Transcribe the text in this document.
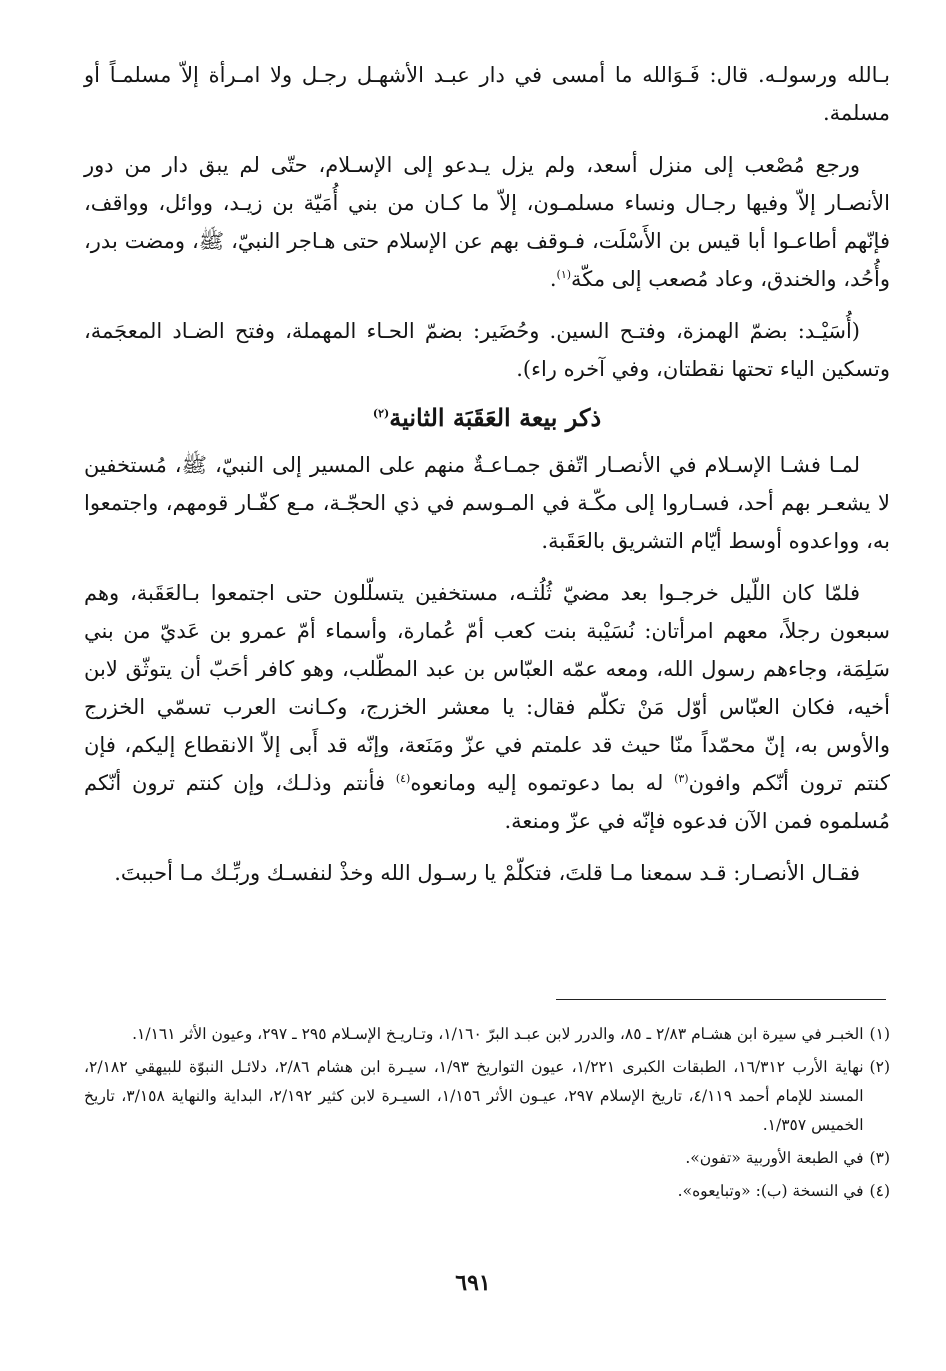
بـالله ورسولـه. قال: فَـوَالله ما أمسى في دار عبـد الأشهـل رجـل ولا امـرأة إلاّ مسلمـاً أو مسلمة.

ورجع مُصْعب إلى منزل أسعد، ولم يزل يـدعو إلى الإسـلام، حتّى لم يبق دار من دور الأنصـار إلاّ وفيها رجـال ونساء مسلمـون، إلاّ ما كـان من بني أُمَيّة بن زيـد، ووائل، وواقف، فإنّهم أطاعـوا أبا قيس بن الأَسْلَت، فـوقف بهم عن الإسلام حتى هـاجر النبيّ، ﷺ، ومضت بدر، وأُحُد، والخندق، وعاد مُصعب إلى مكّة$^{(١)}$.

(أُسَيْـد: بضمّ الهمزة، وفتـح السين. وحُضَير: بضمّ الحـاء المهملة، وفتح الضـاد المعجَمة، وتسكين الياء تحتها نقطتان، وفي آخره راء).

ذكر بيعة العَقَبَة الثانية$^{(٢)}$

لمـا فشـا الإسـلام في الأنصـار اتّفق جمـاعـةٌ منهم على المسير إلى النبيّ، ﷺ، مُستخفين لا يشعـر بهم أحد، فسـاروا إلى مكّـة في المـوسم في ذي الحجّـة، مـع كفّـار قومهم، واجتمعوا به، وواعدوه أوسط أيّام التشريق بالعَقَبة.

فلمّا كان اللّيل خرجـوا بعد مضيّ ثُلُثـه، مستخفين يتسلّلون حتى اجتمعوا بـالعَقَبة، وهم سبعون رجلاً، معهم امرأتان: نُسَيْبة بنت كعب أمّ عُمارة، وأسماء أمّ عمرو بن عَديّ من بني سَلِمَة، وجاءهم رسول الله، ومعه عمّه العبّاس بن عبد المطّلب، وهو كافر أحَبّ أن يتوثّق لابن أخيه، فكان العبّاس أوّل مَنْ تكلّم فقال: يا معشر الخزرج، وكـانت العرب تسمّي الخزرج والأوس به، إنّ محمّداً منّا حيث قد علمتم في عزّ ومَنَعة، وإنّه قد أَبى إلاّ الانقطاع إليكم، فإن كنتم ترون أنّكم وافون$^{(٣)}$ له بما دعوتموه إليه ومانعوه$^{(٤)}$ فأنتم وذلـك، وإن كنتم ترون أنّكم مُسلموه فمن الآن فدعوه فإنّه في عزّ ومنعة.

فقـال الأنصـار: قـد سمعنا مـا قلتَ، فتكلّمْ يا رسـول الله وخذْ لنفسـك وربِّـك مـا أحببتَ.

(١)
الخبـر في سيرة ابن هشـام ٢/٨٣ ـ ٨٥، والدرر لابن عبـد البرّ ١/١٦٠، وتـاريـخ الإسـلام ٢٩٥ ـ ٢٩٧، وعيون الأثر ١/١٦١.
(٢)
نهاية الأرب ١٦/٣١٢، الطبقات الكبرى ١/٢٢١، عيون التواريخ ١/٩٣، سيـرة ابن هشام ٢/٨٦، دلائـل النبوّة للبيهقي ٢/١٨٢، المسند للإمام أحمد ٤/١١٩، تاريخ الإسلام ٢٩٧، عيـون الأثر ١/١٥٦، السيـرة لابن كثير ٢/١٩٢، البداية والنهاية ٣/١٥٨، تاريخ الخميس ١/٣٥٧.
(٣)
في الطبعة الأوربية «تفون».
(٤)
في النسخة (ب): «وتبايعوه».
٦٩١
